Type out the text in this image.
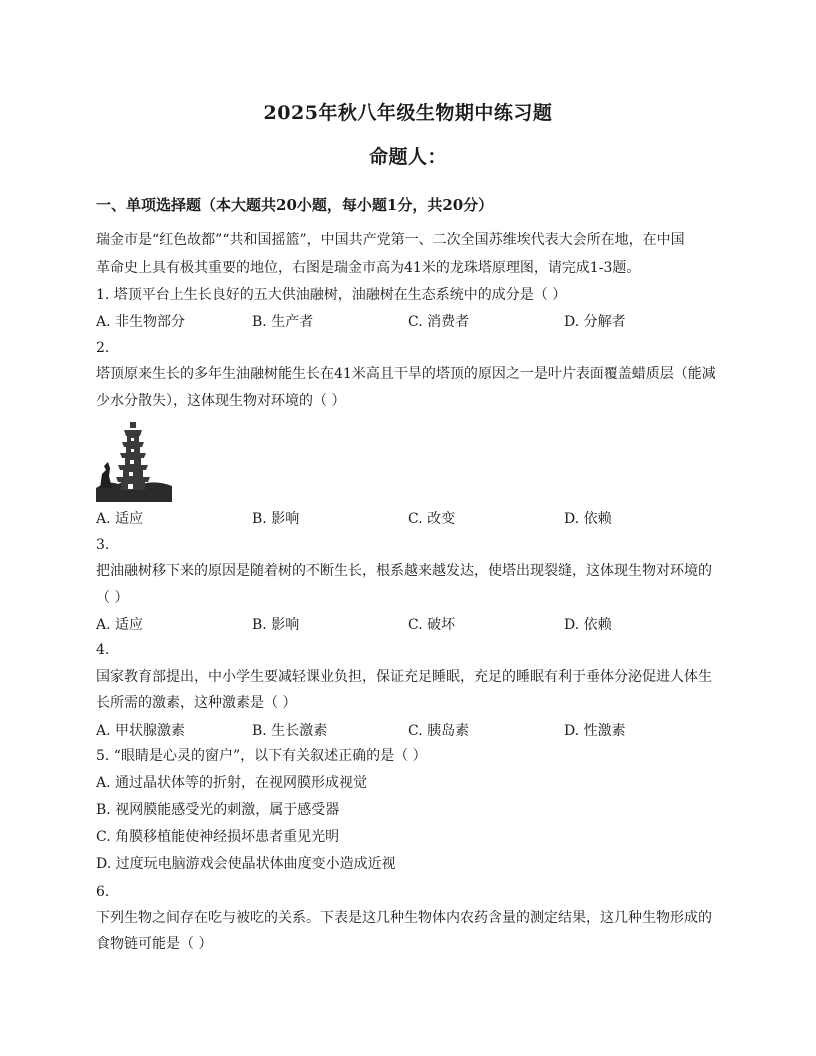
2025年秋八年级生物期中练习题
命题人：
一、单项选择题（本大题共20小题，每小题1分，共20分）
瑞金市是“红色故都”“共和国摇篮”，中国共产党第一、二次全国苏维埃代表大会所在地，在中国
革命史上具有极其重要的地位，右图是瑞金市高为41米的龙珠塔原理图，请完成1-3题。
1. 塔顶平台上生长良好的五大供油融树，油融树在生态系统中的成分是（ ）
A. 非生物部分	B. 生产者	C. 消费者	D. 分解者
2.
塔顶原来生长的多年生油融树能生长在41米高且干旱的塔顶的原因之一是叶片表面覆盖蜡质层（能减
少水分散失），这体现生物对环境的（ ）
A. 适应	B. 影响	C. 改变	D. 依赖
3.
把油融树移下来的原因是随着树的不断生长，根系越来越发达，使塔出现裂缝，这体现生物对环境的
（ ）
A. 适应	B. 影响	C. 破坏	D. 依赖
4.
国家教育部提出，中小学生要减轻课业负担，保证充足睡眠，充足的睡眠有利于垂体分泌促进人体生
长所需的激素，这种激素是（ ）
A. 甲状腺激素	B. 生长激素	C. 胰岛素	D. 性激素
5. “眼睛是心灵的窗户”，以下有关叙述正确的是（ ）
A. 通过晶状体等的折射，在视网膜形成视觉
B. 视网膜能感受光的刺激，属于感受器
C. 角膜移植能使神经损坏患者重见光明
D. 过度玩电脑游戏会使晶状体曲度变小造成近视
6.
下列生物之间存在吃与被吃的关系。下表是这几种生物体内农药含量的测定结果，这几种生物形成的
食物链可能是（ ）
